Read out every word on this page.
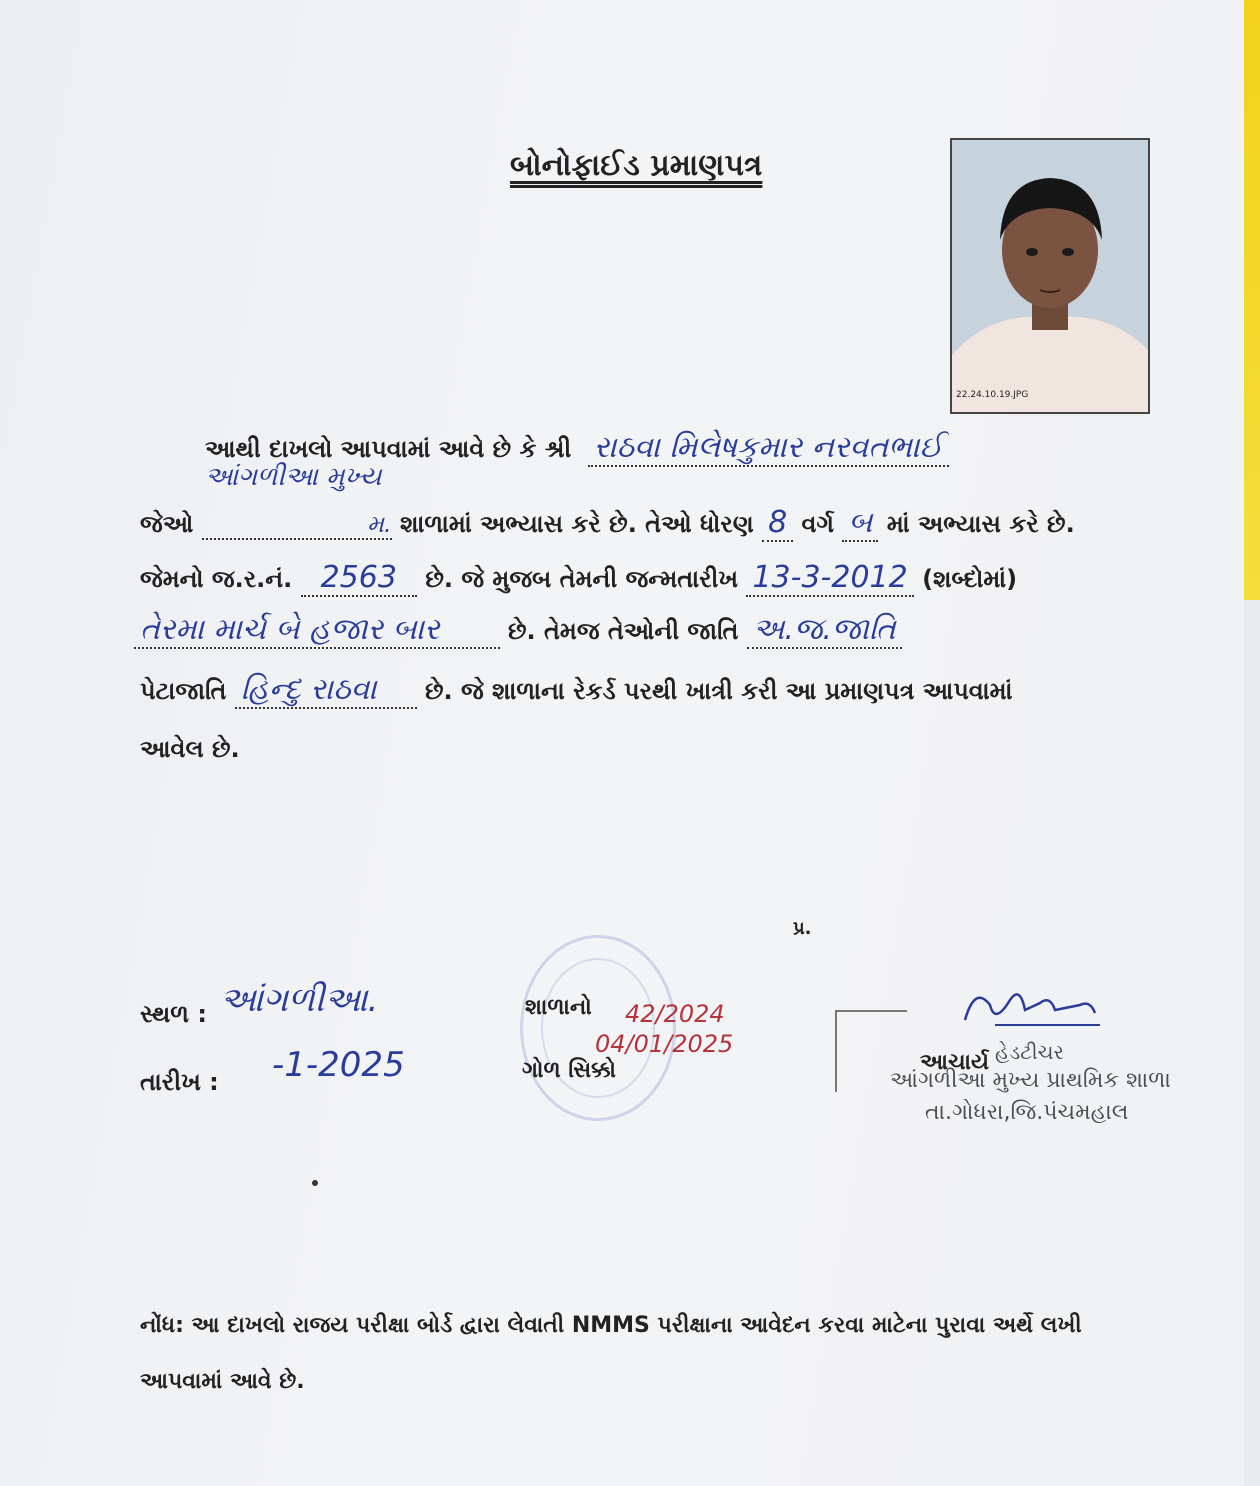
બોનોફાઈડ પ્રમાણપત્ર
22.24.10.19.JPG
આથી દાખલો આપવામાં આવે છે કે શ્રી રાઠવા મિલેષકુમાર નરવતભાઈ
આંગળીઆ મુખ્ય
જેઓ	મ. શાળામાં અભ્યાસ કરે છે. તેઓ ધોરણ 8 વર્ગ બ માં અભ્યાસ કરે છે.
જેમનો જ.ર.નં. 2563 છે. જે મુજબ તેમની જન્મતારીખ 13-3-2012 (શબ્દોમાં)
તેરમા માર્ચ બે હજાર બાર	છે. તેમજ તેઓની જાતિ અ.જ.જાતિ
પેટાજાતિ હિન્દુ રાઠવા છે. જે શાળાના રેકર્ડ પરથી ખાત્રી કરી આ પ્રમાણપત્ર આપવામાં
આવેલ છે.
પ્ર.
સ્થળ : આંગળીઆ.
તારીખ : -1-2025
શાળાનો 42/2024
04/01/2025
ગોળ સિક્કો
હેડટીચર
આચાર્ય
આંગળીઆ મુખ્ય પ્રાથમિક શાળા
તા.ગોધરા,જિ.પંચમહાલ
નોંધ: આ દાખલો રાજય પરીક્ષા બોર્ડ દ્વારા લેવાતી NMMS પરીક્ષાના આવેદન કરવા માટેના પુરાવા અર્થે લખી
આપવામાં આવે છે.
